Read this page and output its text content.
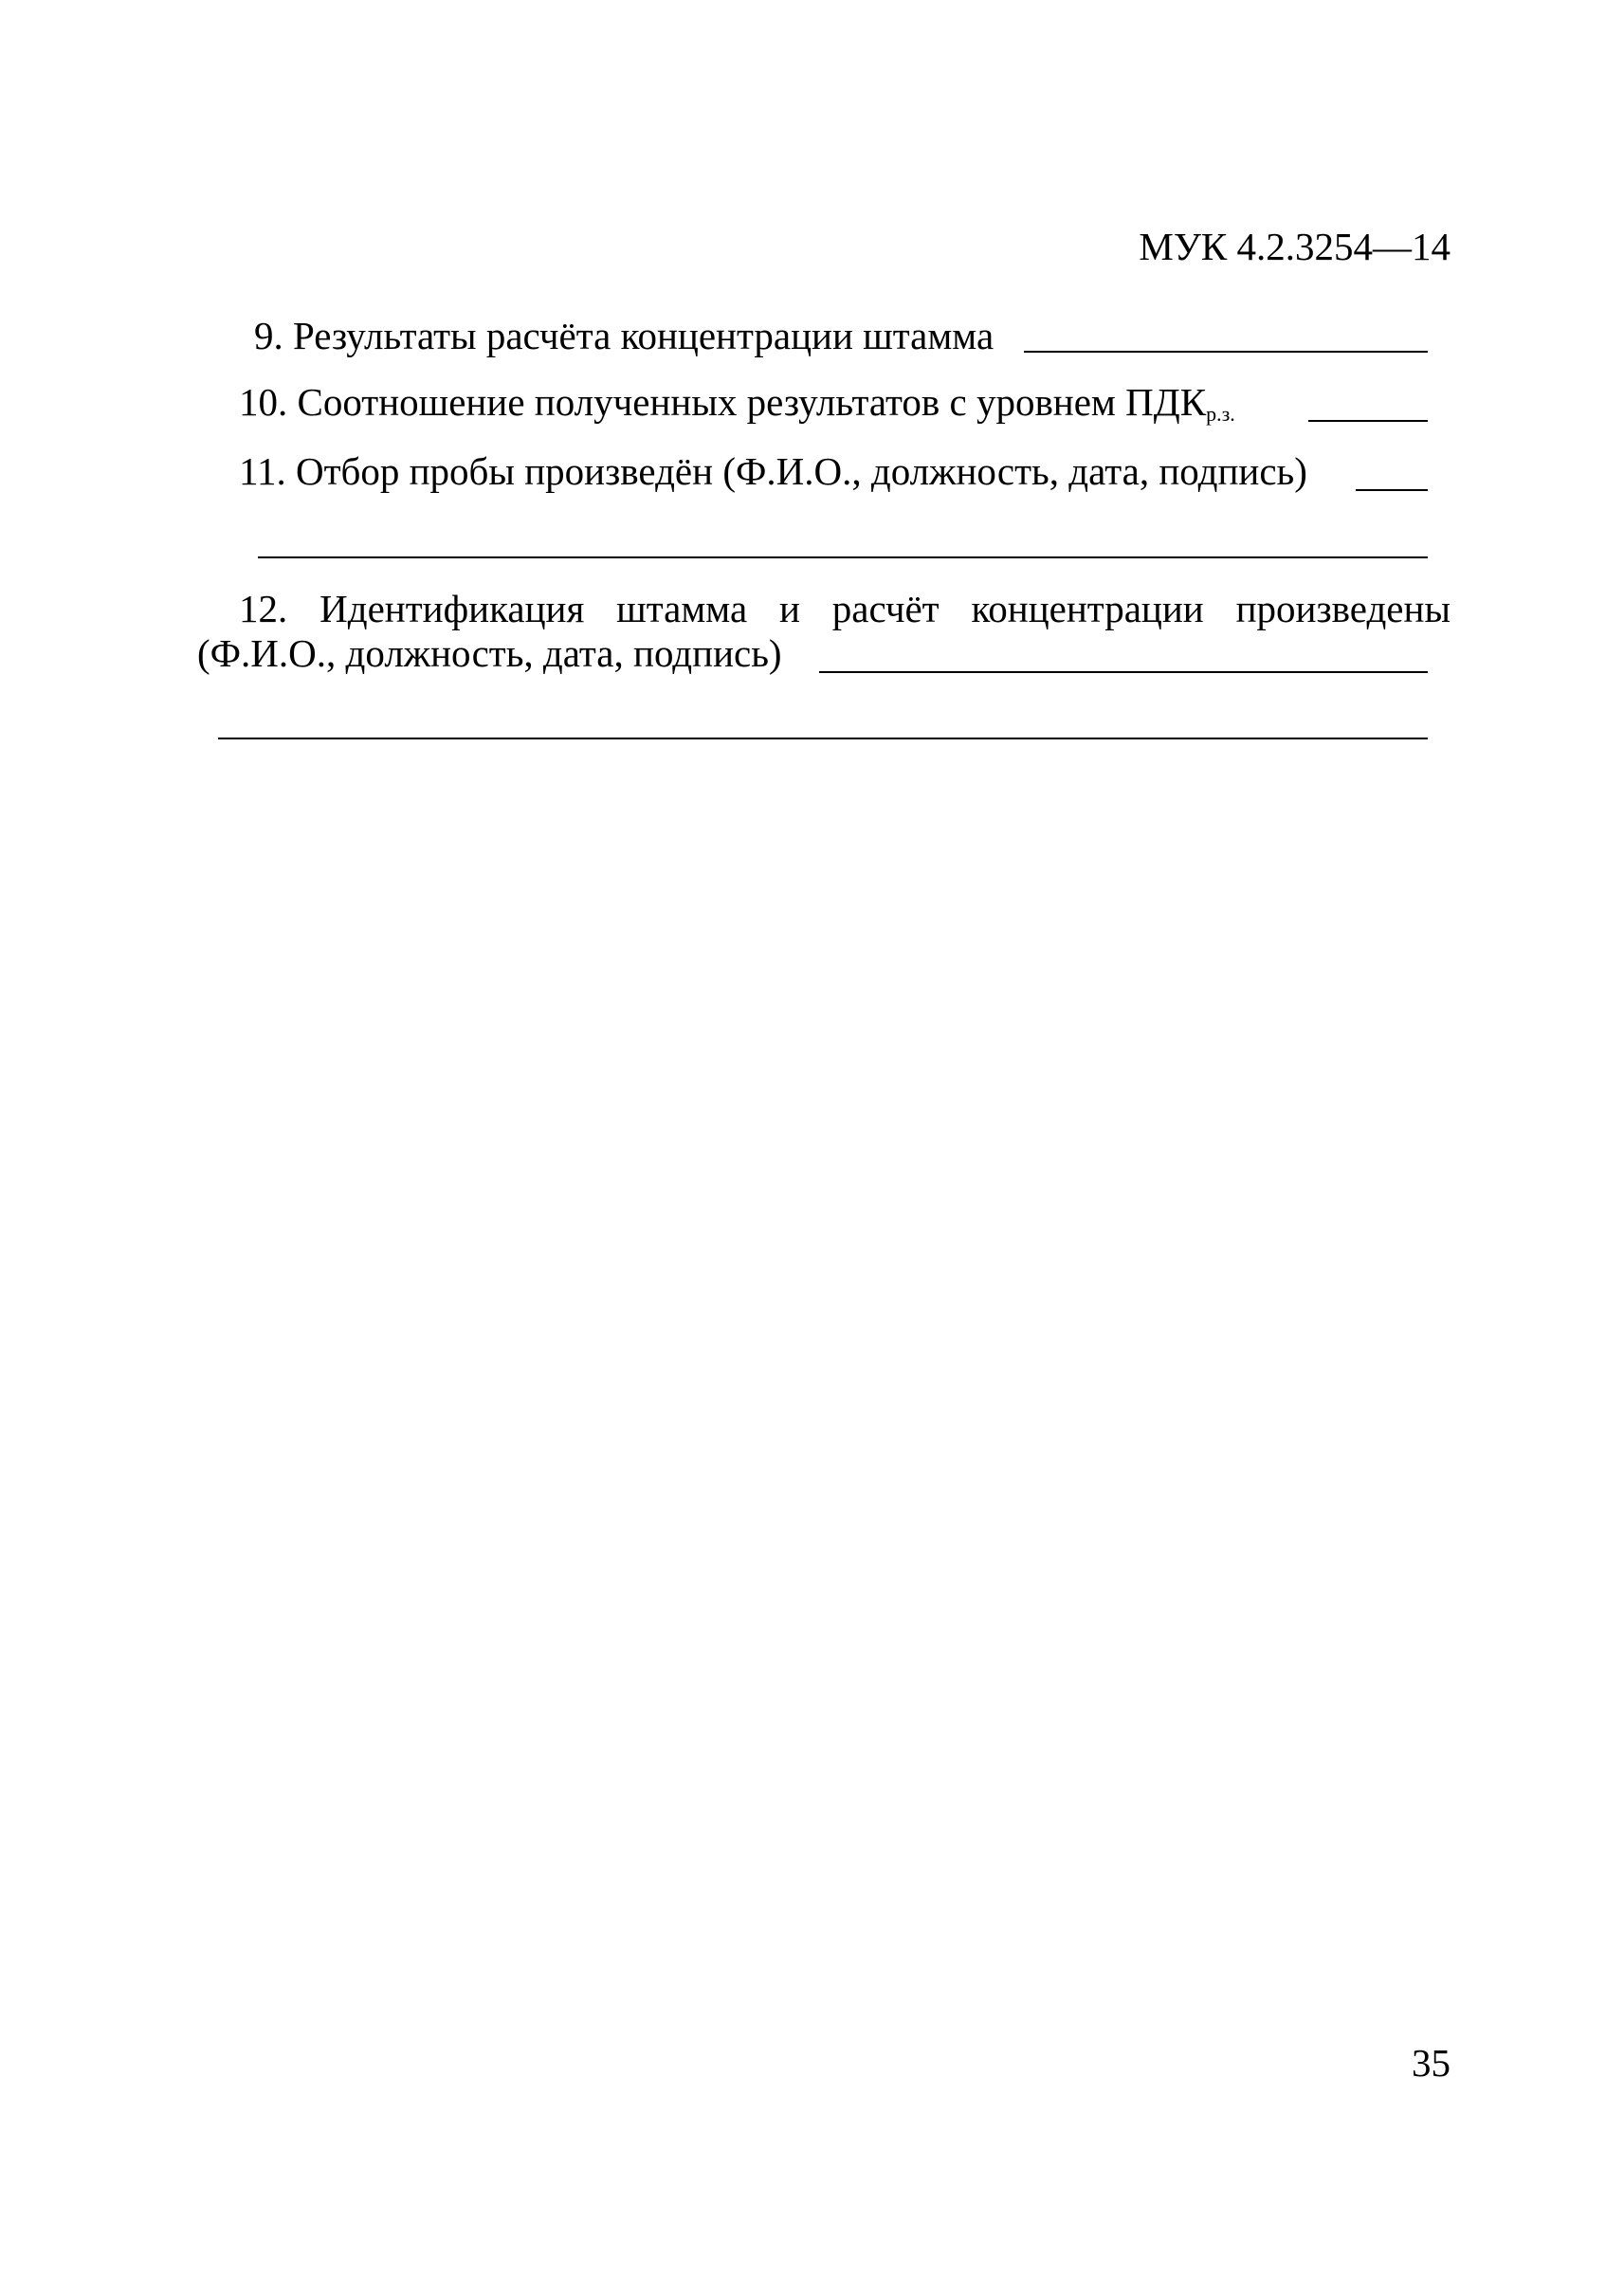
МУК 4.2.3254—14
9. Результаты расчёта концентрации штамма
10. Соотношение полученных результатов с уровнем $ПДК_{р.з.}$
11. Отбор пробы произведён (Ф.И.О., должность, дата, подпись)
12. Идентификация штамма и расчёт концентрации произведены
(Ф.И.О., должность, дата, подпись)
35
